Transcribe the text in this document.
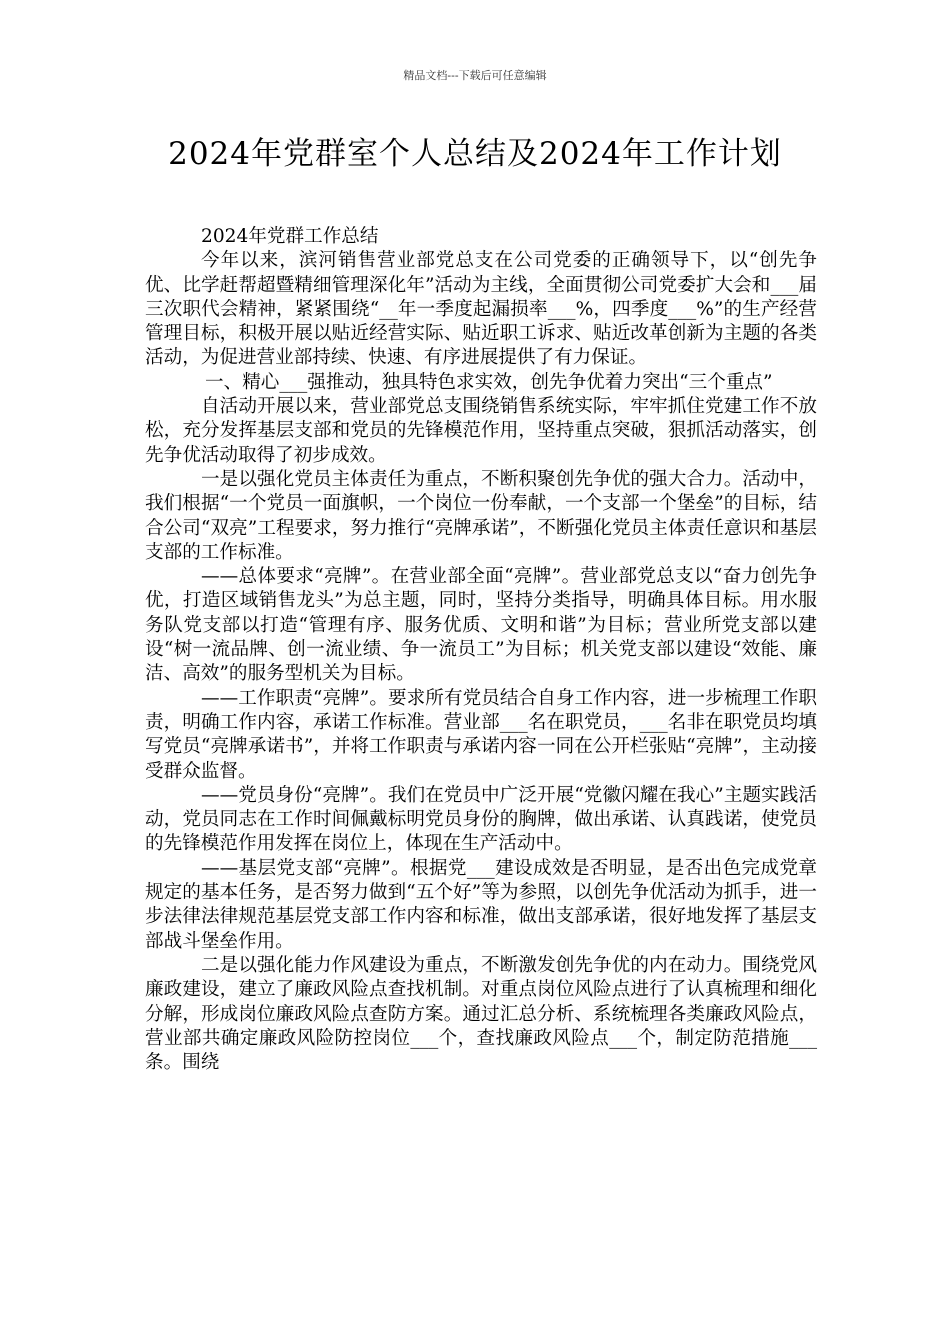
精品文档---下载后可任意编辑
2024年党群室个人总结及2024年工作计划

2024年党群工作总结

今年以来，滨河销售营业部党总支在公司党委的正确领导下，以“创先争优、比学赶帮超暨精细管理深化年”活动为主线，全面贯彻公司党委扩大会和___届三次职代会精神，紧紧围绕“__年一季度起漏损率___%，四季度___%”的生产经营管理目标，积极开展以贴近经营实际、贴近职工诉求、贴近改革创新为主题的各类活动，为促进营业部持续、快速、有序进展提供了有力保证。

一、精心___强推动，独具特色求实效，创先争优着力突出“三个重点”

自活动开展以来，营业部党总支围绕销售系统实际，牢牢抓住党建工作不放松，充分发挥基层支部和党员的先锋模范作用，坚持重点突破，狠抓活动落实，创先争优活动取得了初步成效。

一是以强化党员主体责任为重点，不断积聚创先争优的强大合力。活动中，我们根据“一个党员一面旗帜，一个岗位一份奉献，一个支部一个堡垒”的目标，结合公司“双亮”工程要求，努力推行“亮牌承诺”，不断强化党员主体责任意识和基层支部的工作标准。

——总体要求“亮牌”。在营业部全面“亮牌”。营业部党总支以“奋力创先争优，打造区域销售龙头”为总主题，同时，坚持分类指导，明确具体目标。用水服务队党支部以打造“管理有序、服务优质、文明和谐”为目标；营业所党支部以建设“树一流品牌、创一流业绩、争一流员工”为目标；机关党支部以建设“效能、廉洁、高效”的服务型机关为目标。

——工作职责“亮牌”。要求所有党员结合自身工作内容，进一步梳理工作职责，明确工作内容，承诺工作标准。营业部___名在职党员，___名非在职党员均填写党员“亮牌承诺书”，并将工作职责与承诺内容一同在公开栏张贴“亮牌”，主动接受群众监督。

——党员身份“亮牌”。我们在党员中广泛开展“党徽闪耀在我心”主题实践活动，党员同志在工作时间佩戴标明党员身份的胸牌，做出承诺、认真践诺，使党员的先锋模范作用发挥在岗位上，体现在生产活动中。

——基层党支部“亮牌”。根据党___建设成效是否明显，是否出色完成党章规定的基本任务，是否努力做到“五个好”等为参照，以创先争优活动为抓手，进一步法律法律规范基层党支部工作内容和标准，做出支部承诺，很好地发挥了基层支部战斗堡垒作用。

二是以强化能力作风建设为重点，不断激发创先争优的内在动力。围绕党风廉政建设，建立了廉政风险点查找机制。对重点岗位风险点进行了认真梳理和细化分解，形成岗位廉政风险点查防方案。通过汇总分析、系统梳理各类廉政风险点，营业部共确定廉政风险防控岗位___个，查找廉政风险点___个，制定防范措施___条。围绕
